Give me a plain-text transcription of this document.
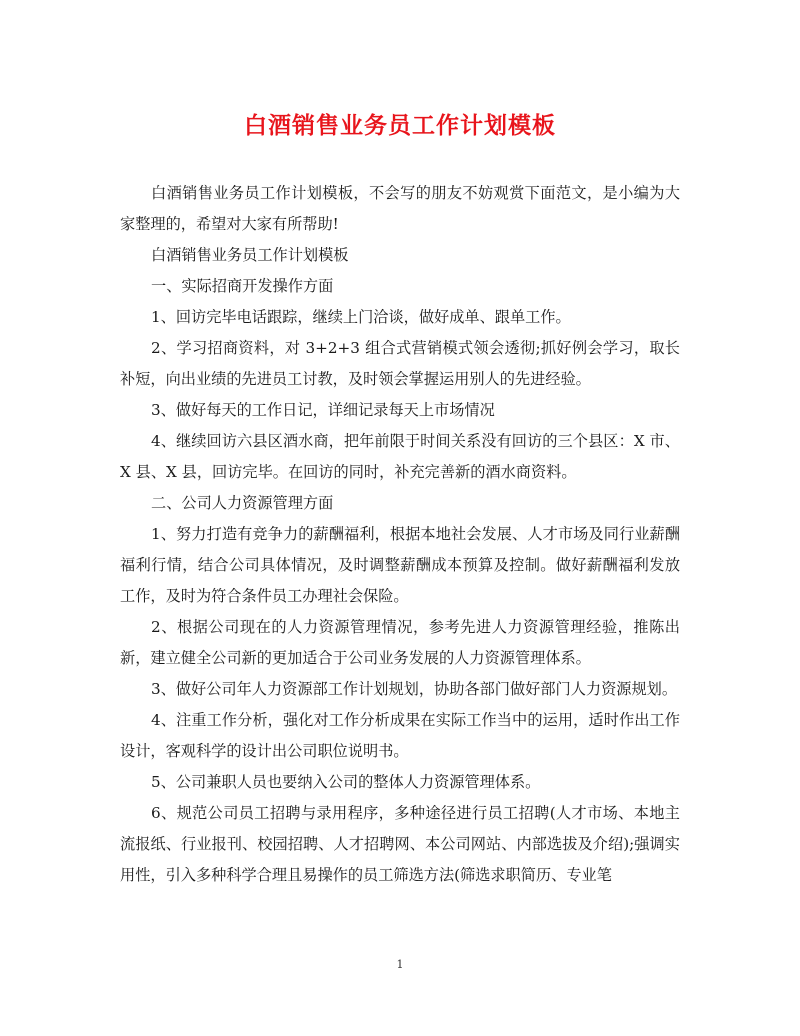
白酒销售业务员工作计划模板

白酒销售业务员工作计划模板，不会写的朋友不妨观赏下面范文，是小编为大家整理的，希望对大家有所帮助!

白酒销售业务员工作计划模板

一、实际招商开发操作方面

1、回访完毕电话跟踪，继续上门洽谈，做好成单、跟单工作。

2、学习招商资料，对 3+2+3 组合式营销模式领会透彻;抓好例会学习，取长补短，向出业绩的先进员工讨教，及时领会掌握运用别人的先进经验。

3、做好每天的工作日记，详细记录每天上市场情况

4、继续回访六县区酒水商，把年前限于时间关系没有回访的三个县区：X 市、X 县、X 县，回访完毕。在回访的同时，补充完善新的酒水商资料。

二、公司人力资源管理方面

1、努力打造有竞争力的薪酬福利，根据本地社会发展、人才市场及同行业薪酬福利行情，结合公司具体情况，及时调整薪酬成本预算及控制。做好薪酬福利发放工作，及时为符合条件员工办理社会保险。

2、根据公司现在的人力资源管理情况，参考先进人力资源管理经验，推陈出新，建立健全公司新的更加适合于公司业务发展的人力资源管理体系。

3、做好公司年人力资源部工作计划规划，协助各部门做好部门人力资源规划。

4、注重工作分析，强化对工作分析成果在实际工作当中的运用，适时作出工作设计，客观科学的设计出公司职位说明书。

5、公司兼职人员也要纳入公司的整体人力资源管理体系。

6、规范公司员工招聘与录用程序，多种途径进行员工招聘(人才市场、本地主流报纸、行业报刊、校园招聘、人才招聘网、本公司网站、内部选拔及介绍);强调实用性，引入多种科学合理且易操作的员工筛选方法(筛选求职简历、专业笔

1
